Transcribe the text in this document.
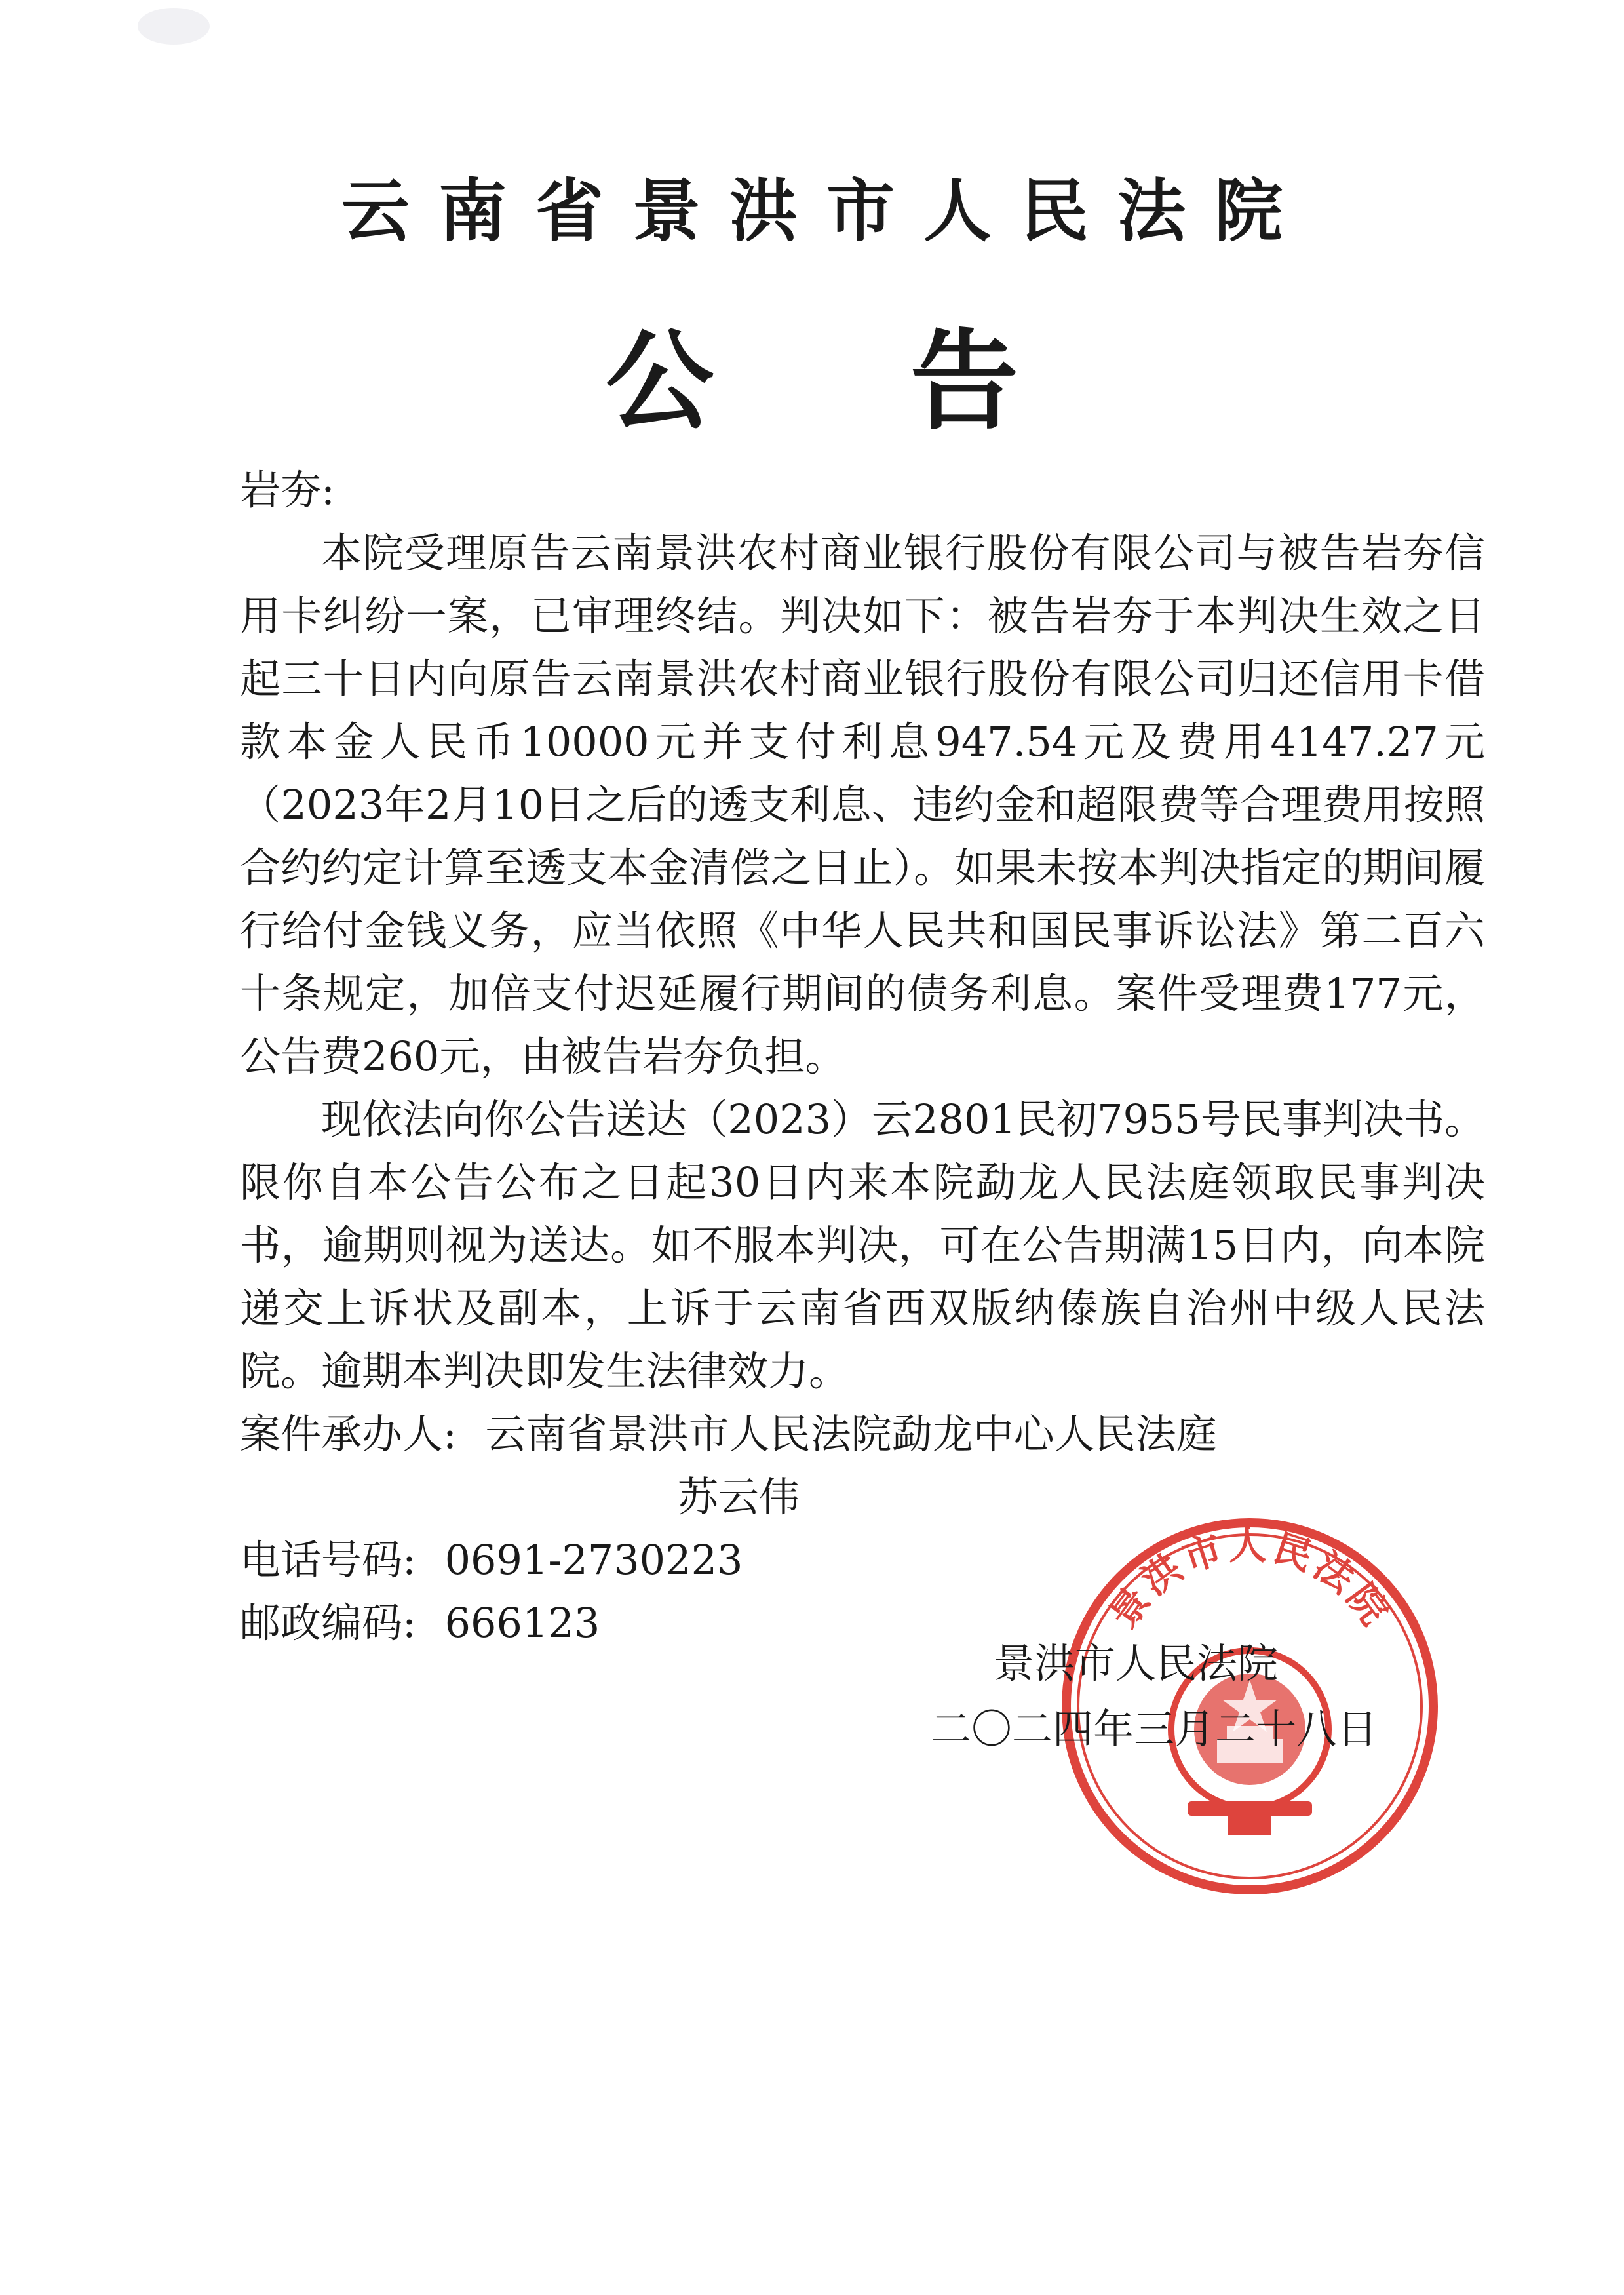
云南省景洪市人民法院
公告

岩夯:

本院受理原告云南景洪农村商业银行股份有限公司与被告岩夯信用卡纠纷一案，已审理终结。判决如下：被告岩夯于本判决生效之日起三十日内向原告云南景洪农村商业银行股份有限公司归还信用卡借款本金人民币10000元并支付利息947.54元及费用4147.27元（2023年2月10日之后的透支利息、违约金和超限费等合理费用按照合约约定计算至透支本金清偿之日止）。如果未按本判决指定的期间履行给付金钱义务，应当依照《中华人民共和国民事诉讼法》第二百六十条规定，加倍支付迟延履行期间的债务利息。案件受理费177元，公告费260元，由被告岩夯负担。

现依法向你公告送达（2023）云2801民初7955号民事判决书。限你自本公告公布之日起30日内来本院勐龙人民法庭领取民事判决书，逾期则视为送达。如不服本判决，可在公告期满15日内，向本院递交上诉状及副本，上诉于云南省西双版纳傣族自治州中级人民法院。逾期本判决即发生法律效力。

案件承办人: 云南省景洪市人民法院勐龙中心人民法庭

苏云伟

电话号码: 0691-2730223

邮政编码: 666123	景洪市人民法院

景洪市人民法院

二〇二四年三月二十八日
